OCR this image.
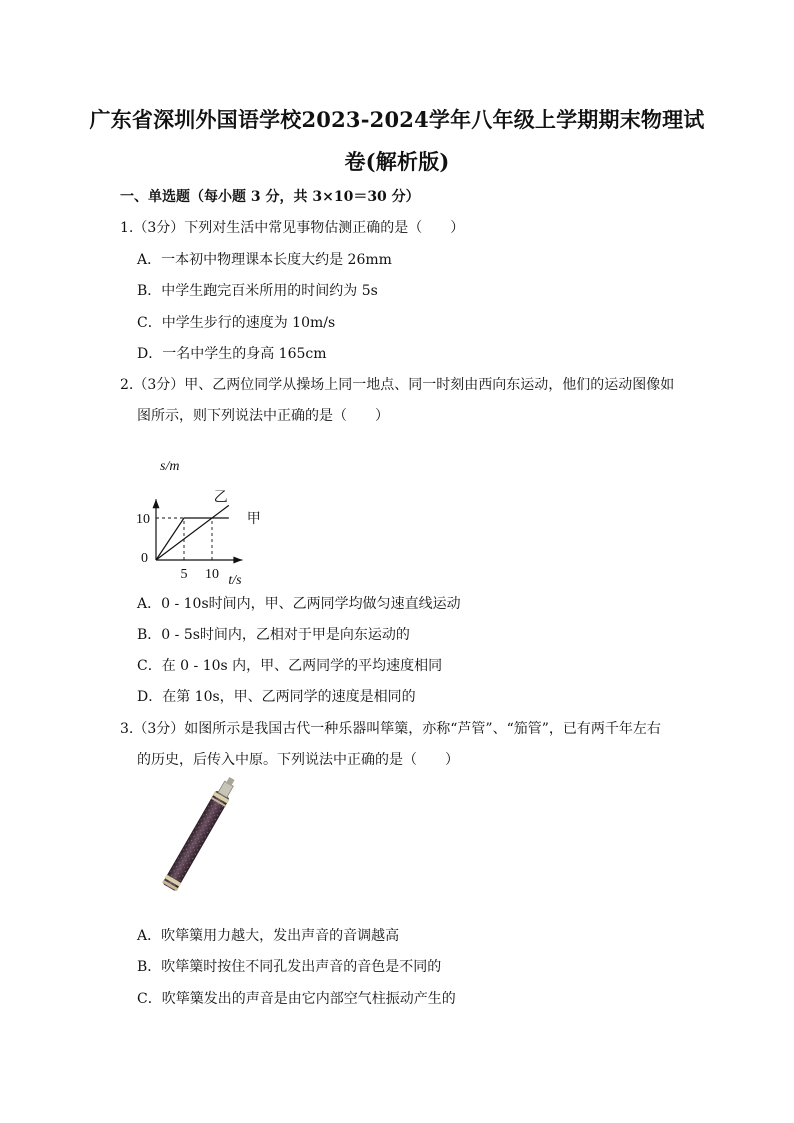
广东省深圳外国语学校2023-2024学年八年级上学期期末物理试
卷(解析版)
一、单选题（每小题 3 分，共 3×10＝30 分）
1.（3分）下列对生活中常见事物估测正确的是（　　）
A．一本初中物理课本长度大约是 26mm
B．中学生跑完百米所用的时间约为 5s
C．中学生步行的速度为 10m/s
D．一名中学生的身高 165cm
2.（3分）甲、乙两位同学从操场上同一地点、同一时刻由西向东运动，他们的运动图像如
图所示，则下列说法中正确的是（　　）
甲
乙
5 10
10
0
t/s
s/m
A．0 - 10s时间内，甲、乙两同学均做匀速直线运动
B．0 - 5s时间内，乙相对于甲是向东运动的
C．在 0 - 10s 内，甲、乙两同学的平均速度相同
D．在第 10s，甲、乙两同学的速度是相同的
3.（3分）如图所示是我国古代一种乐器叫筚篥，亦称“芦管”、“笳管”，已有两千年左右
的历史，后传入中原。下列说法中正确的是（　　）
A．吹筚篥用力越大，发出声音的音调越高
B．吹筚篥时按住不同孔发出声音的音色是不同的
C．吹筚篥发出的声音是由它内部空气柱振动产生的
